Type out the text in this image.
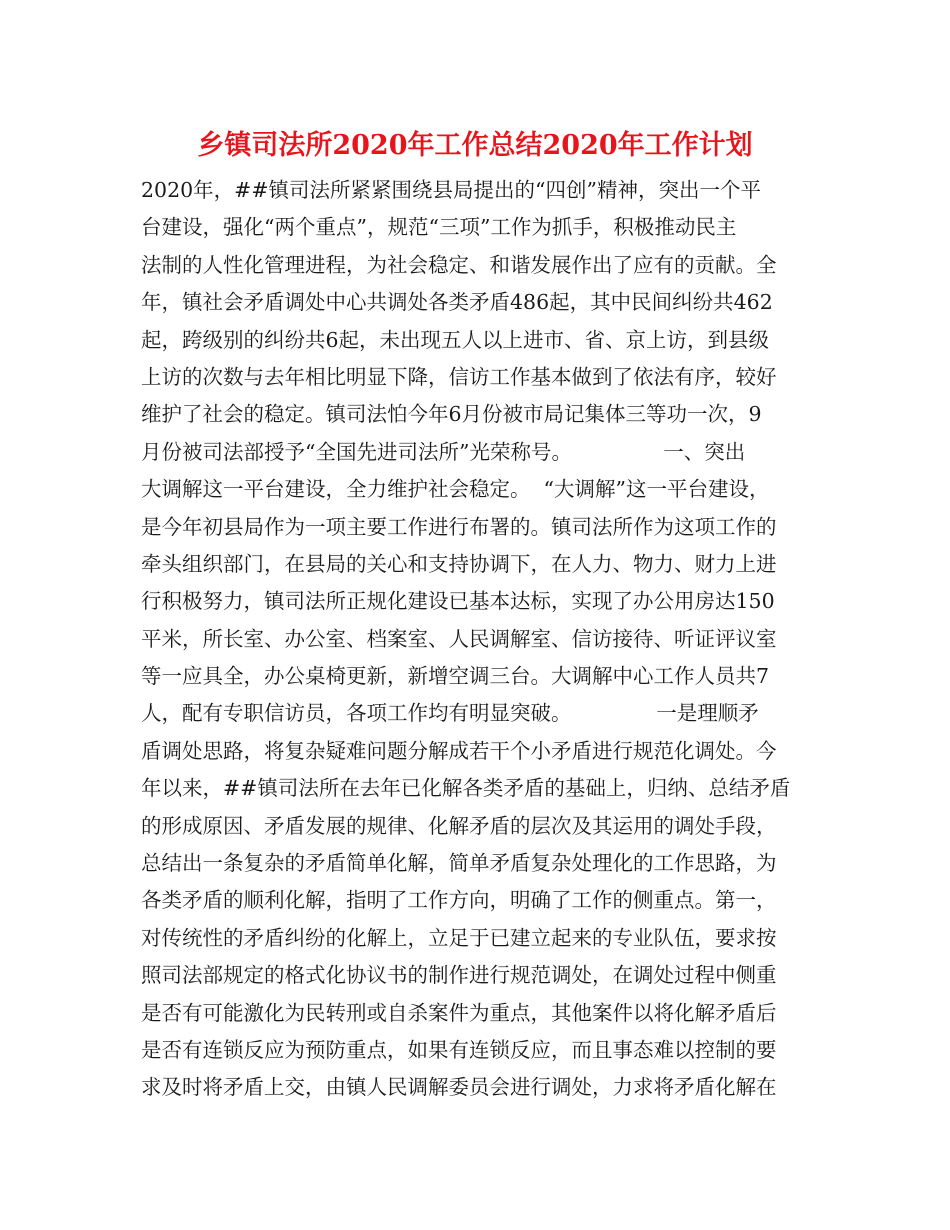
乡镇司法所2020年工作总结2020年工作计划
2020年，##镇司法所紧紧围绕县局提出的“四创”精神，突出一个平
台建设，强化“两个重点”，规范“三项”工作为抓手，积极推动民主
法制的人性化管理进程，为社会稳定、和谐发展作出了应有的贡献。全
年，镇社会矛盾调处中心共调处各类矛盾486起，其中民间纠纷共462
起，跨级别的纠纷共6起，未出现五人以上进市、省、京上访，到县级
上访的次数与去年相比明显下降，信访工作基本做到了依法有序，较好
维护了社会的稳定。镇司法怕今年6月份被市局记集体三等功一次，9
月份被司法部授予“全国先进司法所”光荣称号。              一、突出
大调解这一平台建设，全力维护社会稳定。  “大调解”这一平台建设，
是今年初县局作为一项主要工作进行布署的。镇司法所作为这项工作的
牵头组织部门，在县局的关心和支持协调下，在人力、物力、财力上进
行积极努力，镇司法所正规化建设已基本达标，实现了办公用房达150
平米，所长室、办公室、档案室、人民调解室、信访接待、听证评议室
等一应具全，办公桌椅更新，新增空调三台。大调解中心工作人员共7
人，配有专职信访员，各项工作均有明显突破。             一是理顺矛
盾调处思路，将复杂疑难问题分解成若干个小矛盾进行规范化调处。今
年以来，##镇司法所在去年已化解各类矛盾的基础上，归纳、总结矛盾
的形成原因、矛盾发展的规律、化解矛盾的层次及其运用的调处手段，
总结出一条复杂的矛盾简单化解，简单矛盾复杂处理化的工作思路，为
各类矛盾的顺利化解，指明了工作方向，明确了工作的侧重点。第一，
对传统性的矛盾纠纷的化解上，立足于已建立起来的专业队伍，要求按
照司法部规定的格式化协议书的制作进行规范调处，在调处过程中侧重
是否有可能激化为民转刑或自杀案件为重点，其他案件以将化解矛盾后
是否有连锁反应为预防重点，如果有连锁反应，而且事态难以控制的要
求及时将矛盾上交，由镇人民调解委员会进行调处，力求将矛盾化解在
